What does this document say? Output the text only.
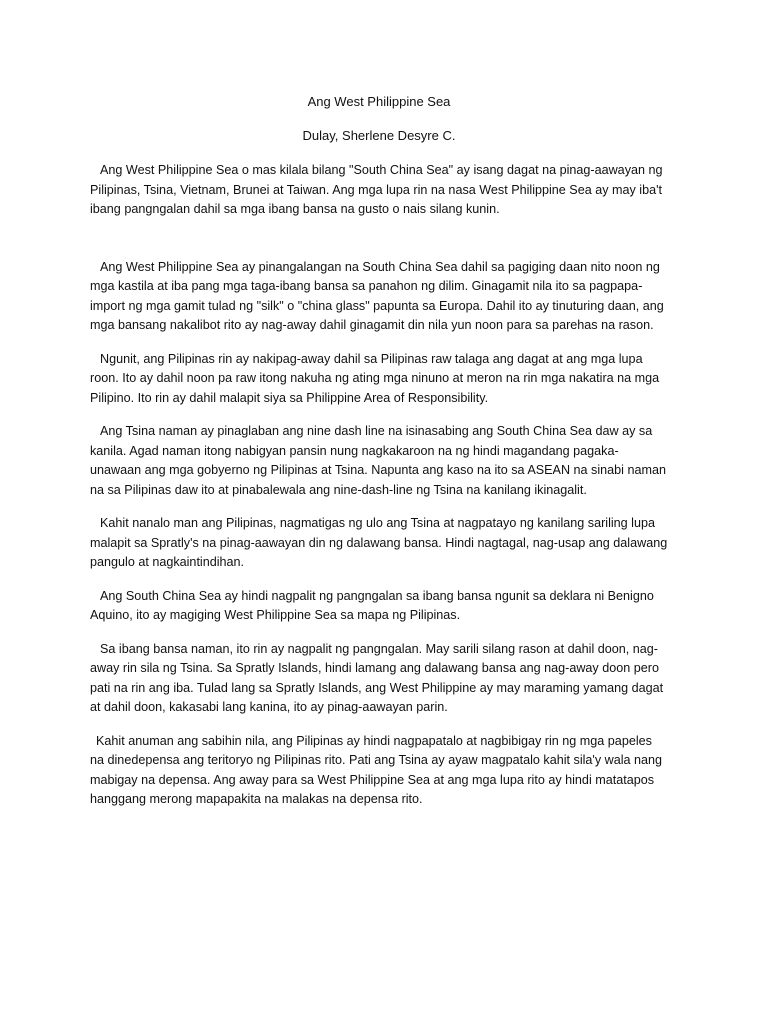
Ang West Philippine Sea
Dulay, Sherlene Desyre C.

Ang West Philippine Sea o mas kilala bilang "South China Sea" ay isang dagat na pinag-aawayan ng Pilipinas, Tsina, Vietnam, Brunei at Taiwan. Ang mga lupa rin na nasa West Philippine Sea ay may iba't ibang pangngalan dahil sa mga ibang bansa na gusto o nais silang kunin.

Ang West Philippine Sea ay pinangalangan na South China Sea dahil sa pagiging daan nito noon ng mga kastila at iba pang mga taga-ibang bansa sa panahon ng dilim. Ginagamit nila ito sa pagpapa-import ng mga gamit tulad ng "silk" o "china glass" papunta sa Europa. Dahil ito ay tinuturing daan, ang mga bansang nakalibot rito ay nag-away dahil ginagamit din nila yun noon para sa parehas na rason.

Ngunit, ang Pilipinas rin ay nakipag-away dahil sa Pilipinas raw talaga ang dagat at ang mga lupa roon. Ito ay dahil noon pa raw itong nakuha ng ating mga ninuno at meron na rin mga nakatira na mga Pilipino. Ito rin ay dahil malapit siya sa Philippine Area of Responsibility.

Ang Tsina naman ay pinaglaban ang nine dash line na isinasabing ang South China Sea daw ay sa kanila. Agad naman itong nabigyan pansin nung nagkakaroon na ng hindi magandang pagaka-unawaan ang mga gobyerno ng Pilipinas at Tsina. Napunta ang kaso na ito sa ASEAN na sinabi naman na sa Pilipinas daw ito at pinabalewala ang nine-dash-line ng Tsina na kanilang ikinagalit.

Kahit nanalo man ang Pilipinas, nagmatigas ng ulo ang Tsina at nagpatayo ng kanilang sariling lupa malapit sa Spratly's na pinag-aawayan din ng dalawang bansa. Hindi nagtagal, nag-usap ang dalawang pangulo at nagkaintindihan.

Ang South China Sea ay hindi nagpalit ng pangngalan sa ibang bansa ngunit sa deklara ni Benigno Aquino, ito ay magiging West Philippine Sea sa mapa ng Pilipinas.

Sa ibang bansa naman, ito rin ay nagpalit ng pangngalan. May sarili silang rason at dahil doon, nag-away rin sila ng Tsina. Sa Spratly Islands, hindi lamang ang dalawang bansa ang nag-away doon pero pati na rin ang iba. Tulad lang sa Spratly Islands, ang West Philippine ay may maraming yamang dagat at dahil doon, kakasabi lang kanina, ito ay pinag-aawayan parin.

Kahit anuman ang sabihin nila, ang Pilipinas ay hindi nagpapatalo at nagbibigay rin ng mga papeles na dinedepensa ang teritoryo ng Pilipinas rito. Pati ang Tsina ay ayaw magpatalo kahit sila'y wala nang mabigay na depensa. Ang away para sa West Philippine Sea at ang mga lupa rito ay hindi matatapos hanggang merong mapapakita na malakas na depensa rito.
